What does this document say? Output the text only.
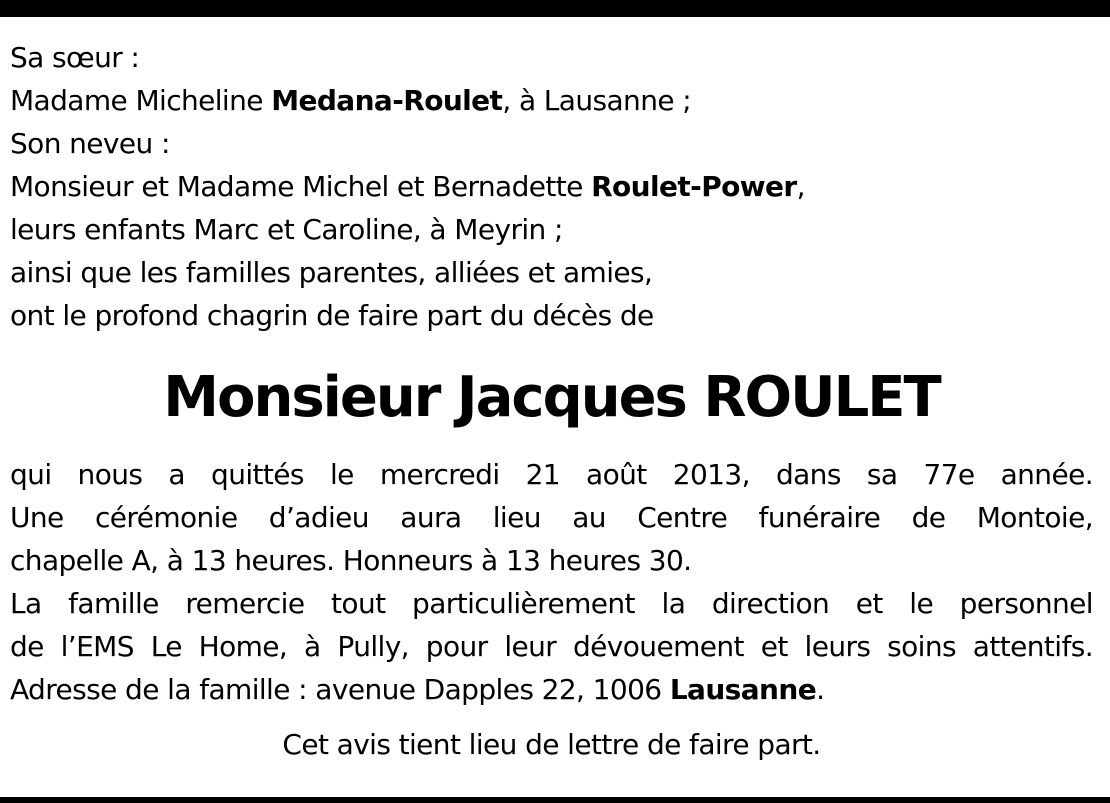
Sa sœur :
Madame Micheline Medana-Roulet, à Lausanne ;
Son neveu :
Monsieur et Madame Michel et Bernadette Roulet-Power,
leurs enfants Marc et Caroline, à Meyrin ;
ainsi que les familles parentes, alliées et amies,
ont le profond chagrin de faire part du décès de
Monsieur Jacques ROULET
qui nous a quittés le mercredi 21 août 2013, dans sa 77e année.
Une cérémonie d’adieu aura lieu au Centre funéraire de Montoie,
chapelle A, à 13 heures. Honneurs à 13 heures 30.
La famille remercie tout particulièrement la direction et le personnel
de l’EMS Le Home, à Pully, pour leur dévouement et leurs soins attentifs.
Adresse de la famille : avenue Dapples 22, 1006 Lausanne.
Cet avis tient lieu de lettre de faire part.
